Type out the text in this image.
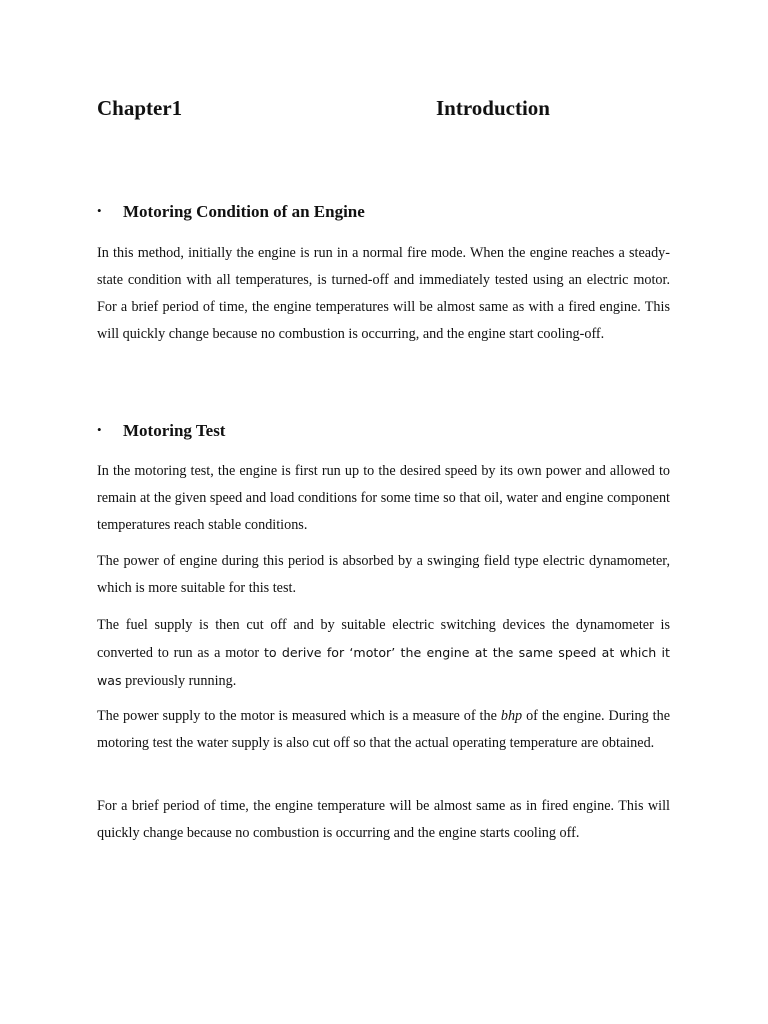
Chapter1	Introduction
• Motoring Condition of an Engine

In this method, initially the engine is run in a normal fire mode. When the engine reaches a steady-state condition with all temperatures, is turned-off and immediately tested using an electric motor. For a brief period of time, the engine temperatures will be almost same as with a fired engine. This will quickly change because no combustion is occurring, and the engine start cooling-off.

• Motoring Test

In the motoring test, the engine is first run up to the desired speed by its own power and allowed to remain at the given speed and load conditions for some time so that oil, water and engine component temperatures reach stable conditions.

The power of engine during this period is absorbed by a swinging field type electric dynamometer, which is more suitable for this test.

The fuel supply is then cut off and by suitable electric switching devices the dynamometer is converted to run as a motor to derive for ‘motor’ the engine at the same speed at which it was previously running.

The power supply to the motor is measured which is a measure of the bhp of the engine. During the motoring test the water supply is also cut off so that the actual operating temperature are obtained.

For a brief period of time, the engine temperature will be almost same as in fired engine. This will quickly change because no combustion is occurring and the engine starts cooling off.
